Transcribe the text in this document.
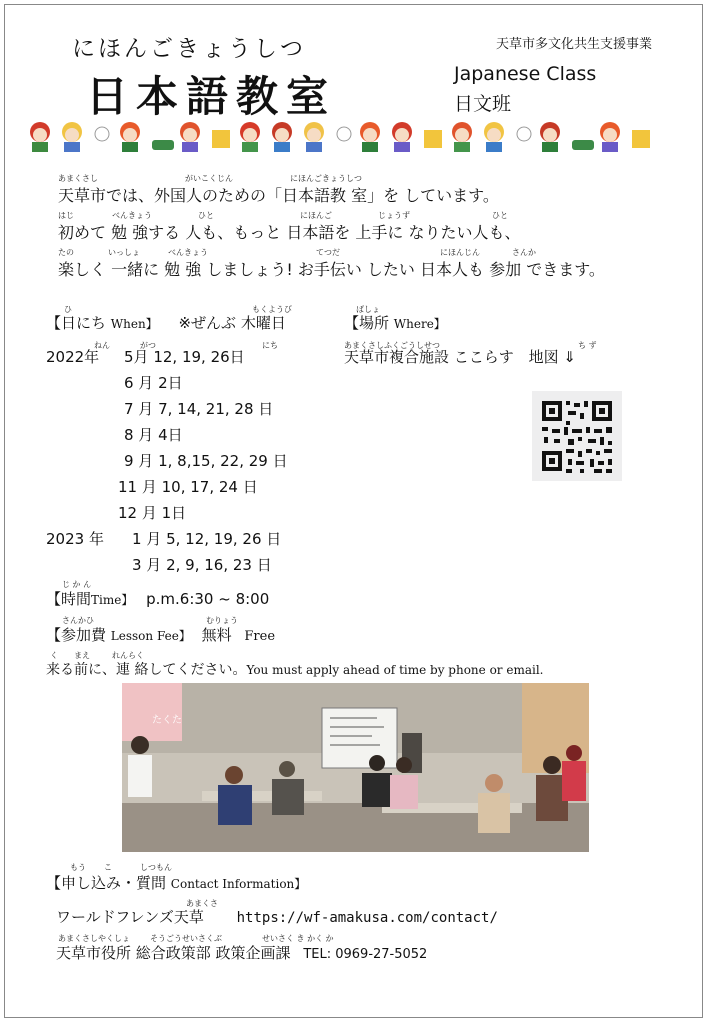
天草市多文化共生支援事業
にほんごきょうしつ
日本語教室	Japanese Class
日文班
あまくさし	がいこくじん	にほんごきょうしつ
天草市では、外国人のための「日本語教 室」を しています。
はじ	べんきょう	ひと	にほんご	じょうず	ひと
初めて 勉 強する 人も、もっと 日本語を 上手に なりたい人も、
たの	いっしょ	べんきょう	てつだ	にほんじん	さんか
楽しく 一緒に 勉 強 しましょう! お手伝い したい 日本人も 参加 できます。
ひ	もくようび
【日にち When】 ※ぜんぶ 木曜日
ねん	がつ	にち
2022年 5月 12, 19, 26日
6 月 2日
7 月 7, 14, 21, 28 日
8 月 4日
9 月 1, 8,15, 22, 29 日
11 月 10, 17, 24 日
12 月 1日
2023 年 1 月 5, 12, 19, 26 日
3 月 2, 9, 16, 23 日
ばしょ
【場所 Where】
あまくさしふくごうしせつ	ち ず
天草市複合施設 ここらす 地図 ⇓
じ か ん
【時間Time】 p.m.6:30 ~ 8:00
さんかひ	むりょう
【参加費 Lesson Fee】 無料 Free
く まえ	れんらく
来る前に、連 絡してください。You must apply ahead of time by phone or email.
たくた
もう こ	しつもん
【申し込み・質問 Contact Information】
あまくさ
ワールドフレンズ天草 https://wf-amakusa.com/contact/
あまくさしやくしょ	そうごうせいさくぶ	せいさく き かく か
天草市役所 総合政策部 政策企画課 TEL: 0969-27-5052
